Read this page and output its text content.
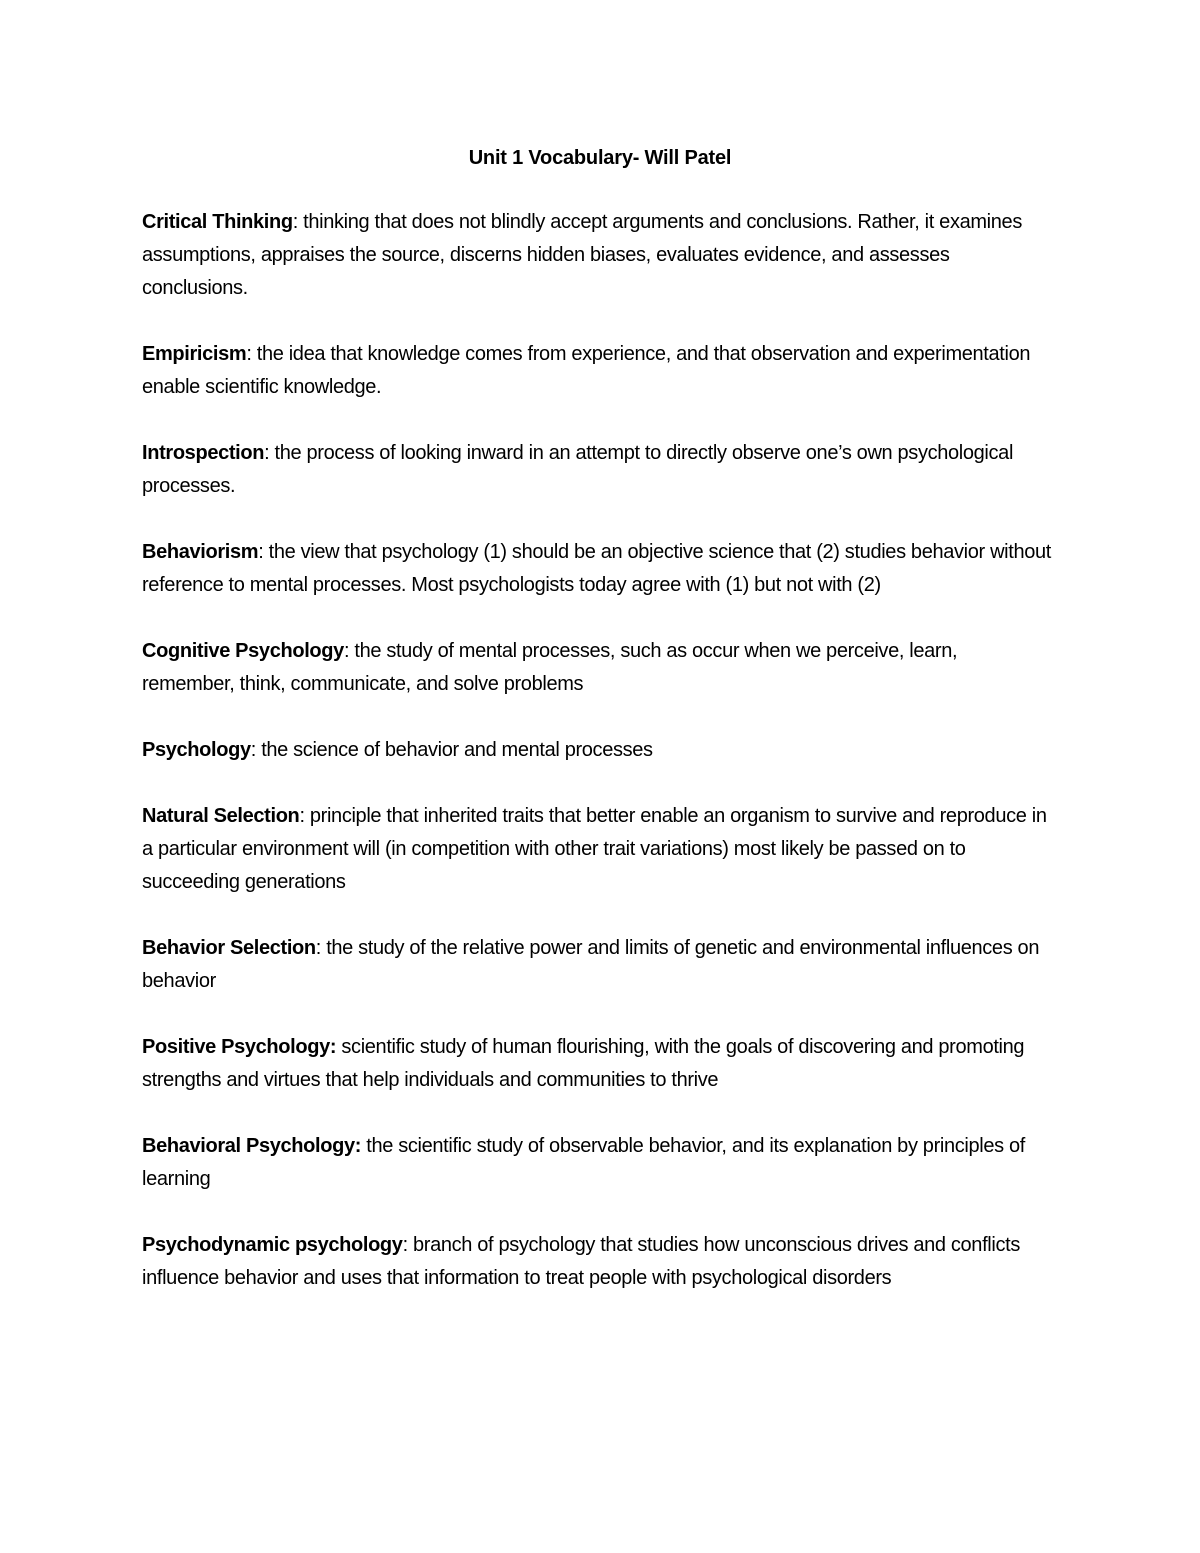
Unit 1 Vocabulary- Will Patel

Critical Thinking: thinking that does not blindly accept arguments and conclusions. Rather, it examines assumptions, appraises the source, discerns hidden biases, evaluates evidence, and assesses conclusions.

Empiricism: the idea that knowledge comes from experience, and that observation and experimentation enable scientific knowledge.

Introspection: the process of looking inward in an attempt to directly observe one’s own psychological processes.

Behaviorism: the view that psychology (1) should be an objective science that (2) studies behavior without reference to mental processes. Most psychologists today agree with (1) but not with (2)

Cognitive Psychology: the study of mental processes, such as occur when we perceive, learn, remember, think, communicate, and solve problems

Psychology: the science of behavior and mental processes

Natural Selection: principle that inherited traits that better enable an organism to survive and reproduce in a particular environment will (in competition with other trait variations) most likely be passed on to succeeding generations

Behavior Selection: the study of the relative power and limits of genetic and environmental influences on behavior

Positive Psychology: scientific study of human flourishing, with the goals of discovering and promoting strengths and virtues that help individuals and communities to thrive

Behavioral Psychology: the scientific study of observable behavior, and its explanation by principles of learning

Psychodynamic psychology: branch of psychology that studies how unconscious drives and conflicts influence behavior and uses that information to treat people with psychological disorders
